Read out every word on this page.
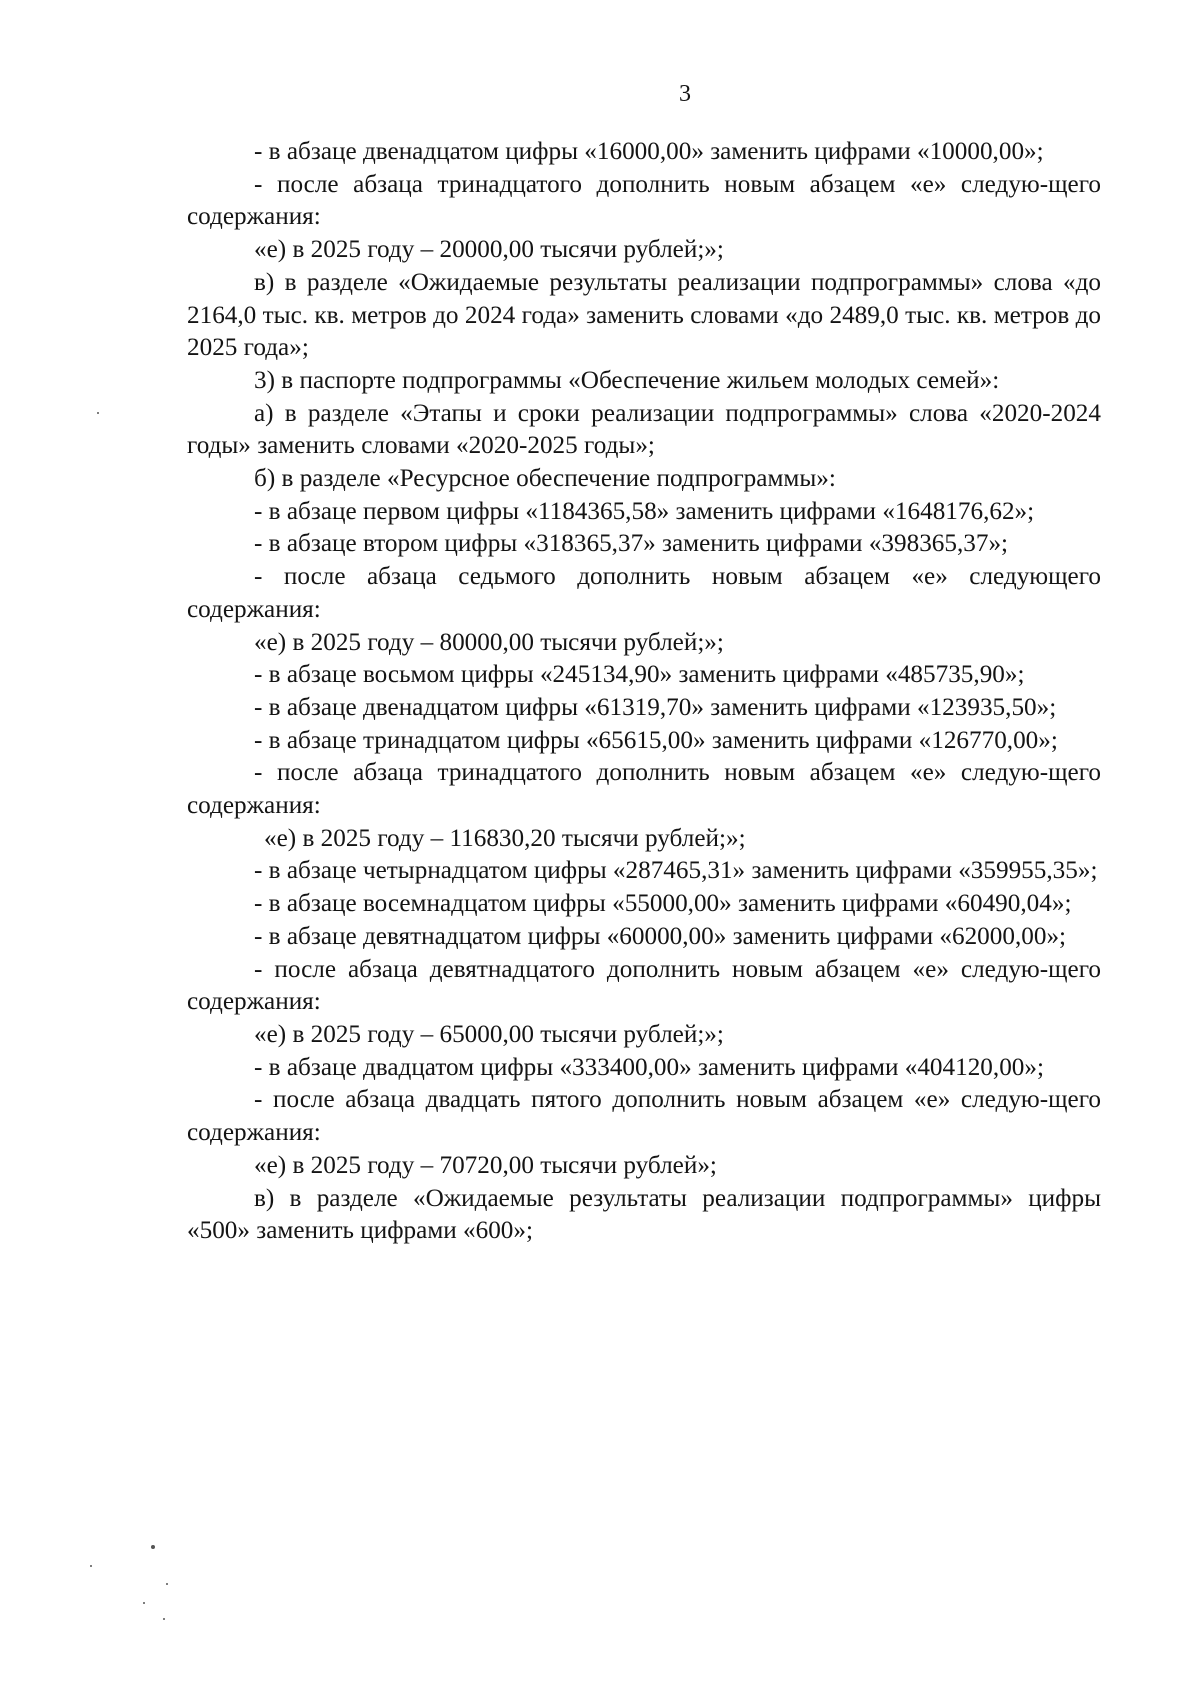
3

- в абзаце двенадцатом цифры «16000,00» заменить цифрами «10000,00»;

- после абзаца тринадцатого дополнить новым абзацем «е» следую-щего содержания:

«е) в 2025 году – 20000,00 тысячи рублей;»;

в) в разделе «Ожидаемые результаты реализации подпрограммы» слова «до 2164,0 тыс. кв. метров до 2024 года» заменить словами «до 2489,0 тыс. кв. метров до 2025 года»;

3) в паспорте подпрограммы «Обеспечение жильем молодых семей»:

а) в разделе «Этапы и сроки реализации подпрограммы» слова «2020-2024 годы» заменить словами «2020-2025 годы»;

б) в разделе «Ресурсное обеспечение подпрограммы»:

- в абзаце первом цифры «1184365,58» заменить цифрами «1648176,62»;

- в абзаце втором цифры «318365,37» заменить цифрами «398365,37»;

- после абзаца седьмого дополнить новым абзацем «е» следующего содержания:

«е) в 2025 году – 80000,00 тысячи рублей;»;

- в абзаце восьмом цифры «245134,90» заменить цифрами «485735,90»;

- в абзаце двенадцатом цифры «61319,70» заменить цифрами «123935,50»;

- в абзаце тринадцатом цифры «65615,00» заменить цифрами «126770,00»;

- после абзаца тринадцатого дополнить новым абзацем «е» следую-щего содержания:

«е) в 2025 году – 116830,20 тысячи рублей;»;

- в абзаце четырнадцатом цифры «287465,31» заменить цифрами «359955,35»;

- в абзаце восемнадцатом цифры «55000,00» заменить цифрами «60490,04»;

- в абзаце девятнадцатом цифры «60000,00» заменить цифрами «62000,00»;

- после абзаца девятнадцатого дополнить новым абзацем «е» следую-щего содержания:

«е) в 2025 году – 65000,00 тысячи рублей;»;

- в абзаце двадцатом цифры «333400,00» заменить цифрами «404120,00»;

- после абзаца двадцать пятого дополнить новым абзацем «е» следую-щего содержания:

«е) в 2025 году – 70720,00 тысячи рублей»;

в) в разделе «Ожидаемые результаты реализации подпрограммы» цифры «500» заменить цифрами «600»;
